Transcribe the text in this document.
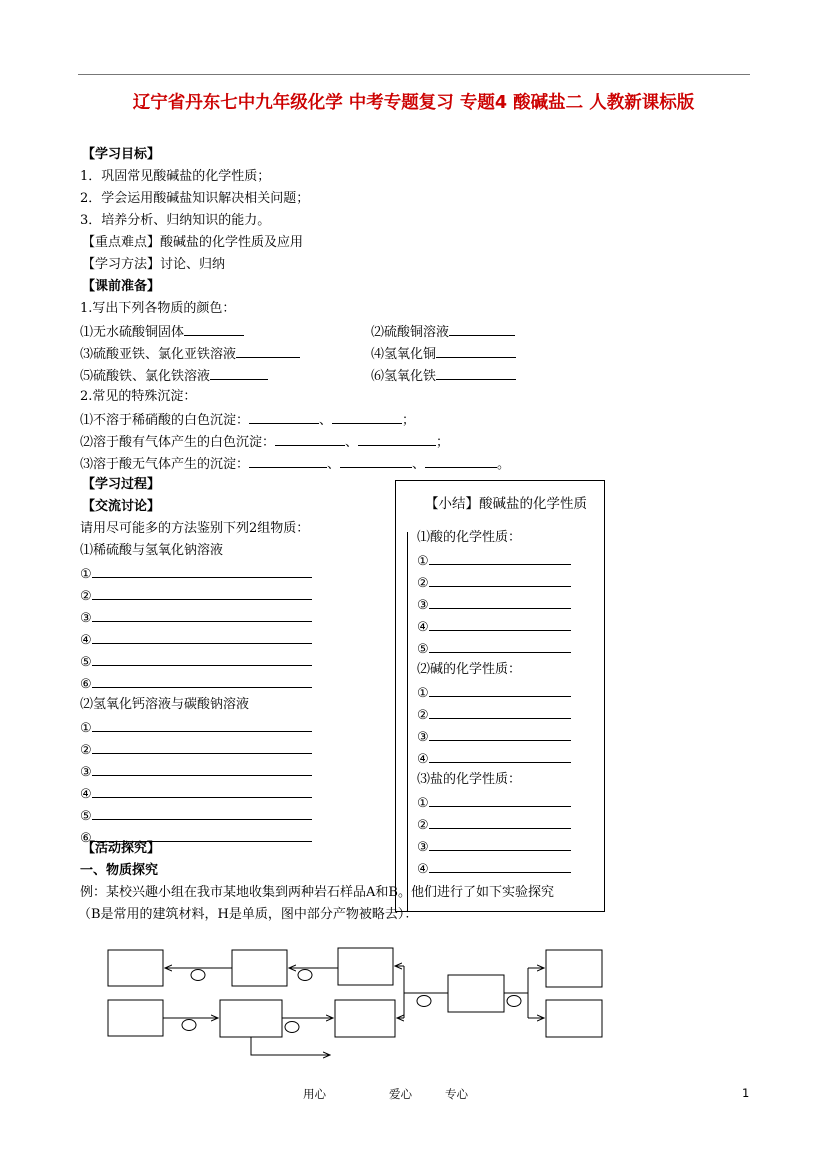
辽宁省丹东七中九年级化学 中考专题复习 专题4 酸碱盐二 人教新课标版
【学习目标】
1．巩固常见酸碱盐的化学性质；
2．学会运用酸碱盐知识解决相关问题；
3．培养分析、归纳知识的能力。
【重点难点】酸碱盐的化学性质及应用
【学习方法】讨论、归纳
【课前准备】
1.写出下列各物质的颜色：
⑴无水硫酸铜固体	⑵硫酸铜溶液
⑶硫酸亚铁、氯化亚铁溶液	⑷氢氧化铜
⑸硫酸铁、氯化铁溶液	⑹氢氧化铁
2.常见的特殊沉淀：
⑴不溶于稀硝酸的白色沉淀：	、	；
⑵溶于酸有气体产生的白色沉淀：	、	；
⑶溶于酸无气体产生的沉淀：	、	、	。
【学习过程】
【交流讨论】
请用尽可能多的方法鉴别下列2组物质：
⑴稀硫酸与氢氧化钠溶液
①
②
③
④
⑤
⑥
⑵氢氧化钙溶液与碳酸钠溶液
①
②
③
④
⑤
⑥
【小结】酸碱盐的化学性质
⑴酸的化学性质：
①
②
③
④
⑤
⑵碱的化学性质：
①
②
③
④
⑶盐的化学性质：
①
②
③
④
【活动探究】
一、物质探究
例：某校兴趣小组在我市某地收集到两种岩石样品A和B。他们进行了如下实验探究
（B是常用的建筑材料，H是单质，图中部分产物被略去）：
用心	爱心	专心	1
